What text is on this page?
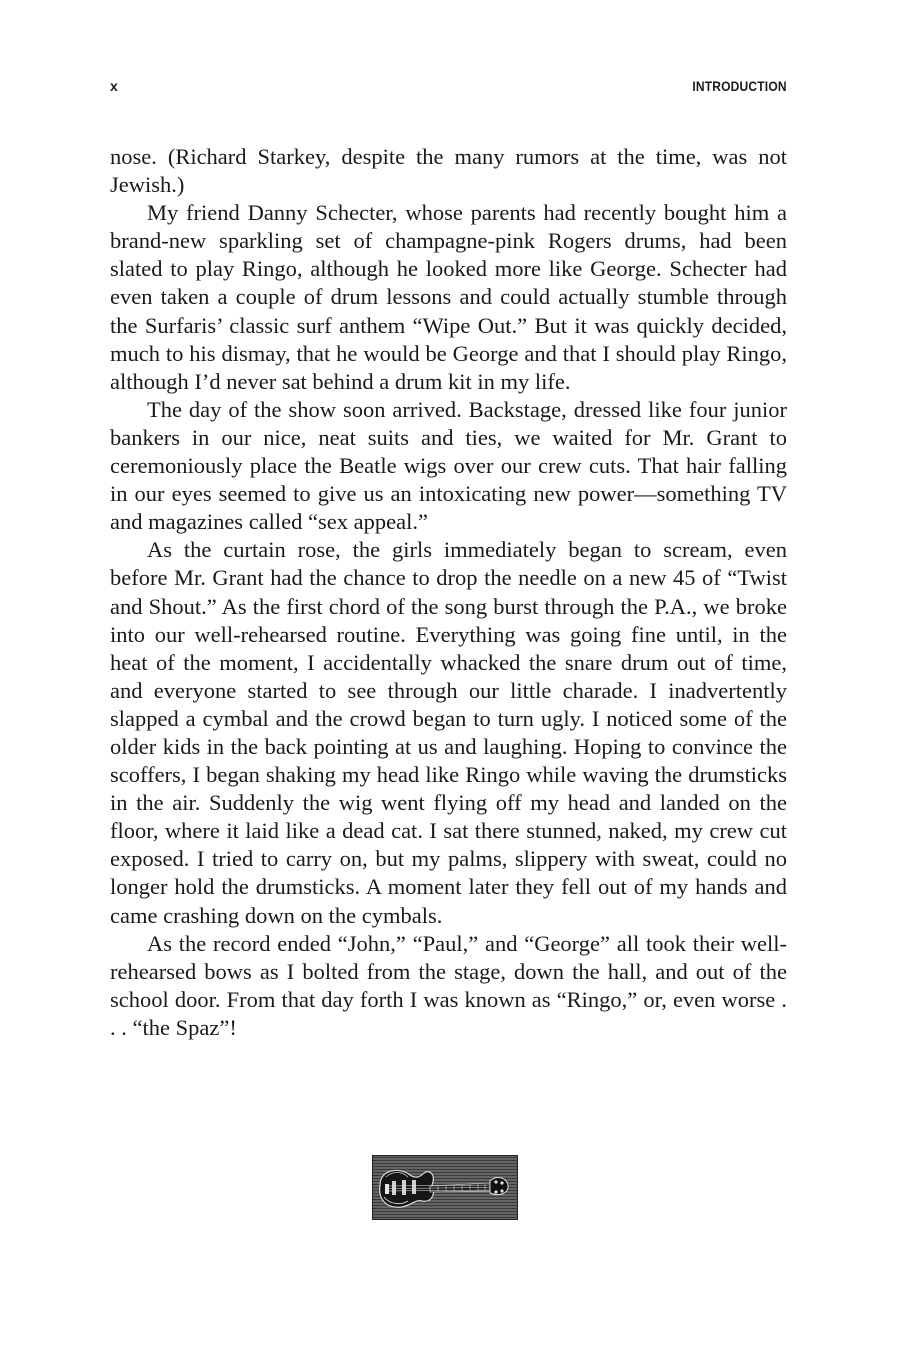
x	INTRODUCTION

nose. (Richard Starkey, despite the many rumors at the time, was not Jewish.)

My friend Danny Schecter, whose parents had recently bought him a brand-new sparkling set of champagne-pink Rogers drums, had been slated to play Ringo, although he looked more like George. Schecter had even taken a couple of drum lessons and could actually stumble through the Surfaris’ classic surf anthem “Wipe Out.” But it was quickly decided, much to his dismay, that he would be George and that I should play Ringo, although I’d never sat behind a drum kit in my life.

The day of the show soon arrived. Backstage, dressed like four junior bankers in our nice, neat suits and ties, we waited for Mr. Grant to ceremoniously place the Beatle wigs over our crew cuts. That hair falling in our eyes seemed to give us an intoxicating new power—something TV and magazines called “sex appeal.”

As the curtain rose, the girls immediately began to scream, even before Mr. Grant had the chance to drop the needle on a new 45 of “Twist and Shout.” As the first chord of the song burst through the P.A., we broke into our well-rehearsed routine. Everything was going fine until, in the heat of the moment, I accidentally whacked the snare drum out of time, and everyone started to see through our little charade. I inadvertently slapped a cymbal and the crowd began to turn ugly. I noticed some of the older kids in the back pointing at us and laughing. Hoping to convince the scoffers, I began shaking my head like Ringo while waving the drumsticks in the air. Suddenly the wig went flying off my head and landed on the floor, where it laid like a dead cat. I sat there stunned, naked, my crew cut exposed. I tried to carry on, but my palms, slippery with sweat, could no longer hold the drumsticks. A moment later they fell out of my hands and came crashing down on the cymbals.

As the record ended “John,” “Paul,” and “George” all took their well-rehearsed bows as I bolted from the stage, down the hall, and out of the school door. From that day forth I was known as “Ringo,” or, even worse . . . “the Spaz”!
